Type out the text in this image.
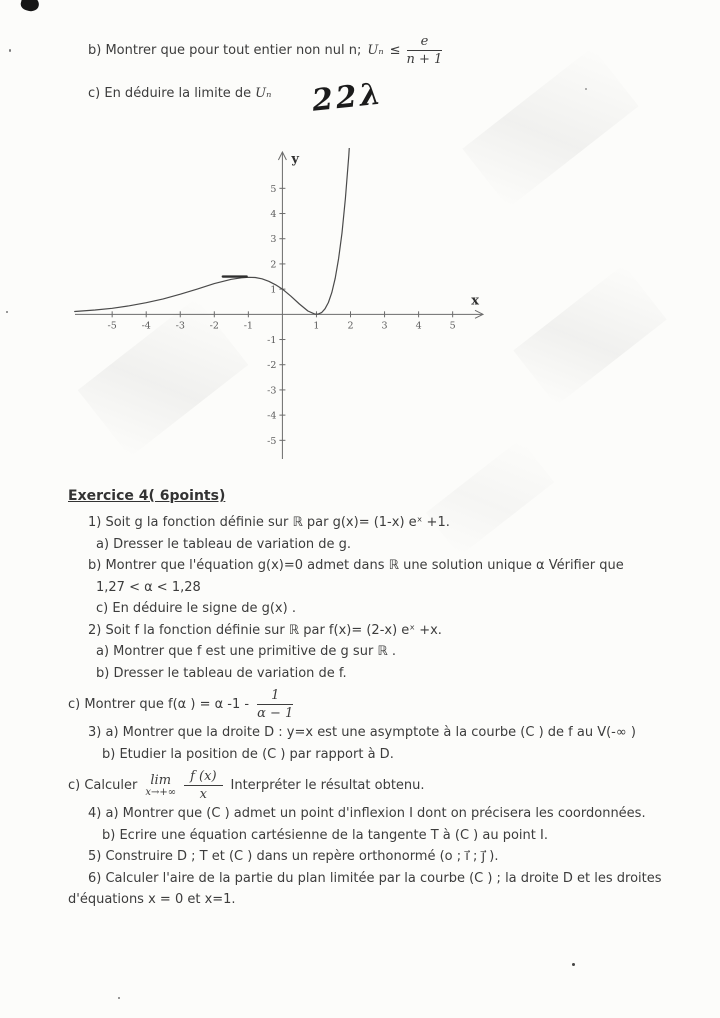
b) Montrer que pour tout entier non nul n; $U_n \le \frac{e}{n + 1}$
c) En déduire la limite de Uₙ 22λ
-5	-4	-3	-2	-1	1	2	3	4	5
-5
-4
-3
-2
-1
1
2
3
4
5
x
y
Exercice 4( 6points)
1) Soit g la fonction définie sur ℝ par g(x)= (1-x) eˣ +1.
a) Dresser le tableau de variation de g.
b) Montrer que l'équation g(x)=0 admet dans ℝ une solution unique α Vérifier que
1,27 < α < 1,28
c) En déduire le signe de g(x) .
2) Soit f la fonction définie sur ℝ par f(x)= (2-x) eˣ +x.
a) Montrer que f est une primitive de g sur ℝ .
b) Dresser le tableau de variation de f.
c) Montrer que f(α ) = α $-1 - \frac{1}{\alpha - 1}$
3) a) Montrer que la droite D : y=x est une asymptote à la courbe (C ) de f au V(-∞ )
b) Etudier la position de (C ) par rapport à D.
c) Calculer	lim
$x\to+\infty \frac{f (x)}{x}$ Interpréter le résultat obtenu.
4) a) Montrer que (C ) admet un point d'inflexion I dont on précisera les coordonnées.
b) Ecrire une équation cartésienne de la tangente T à (C ) au point I.
5) Construire D ; T et (C ) dans un repère orthonormé (o ; i⃗ ; j⃗ ).
6) Calculer l'aire de la partie du plan limitée par la courbe (C ) ; la droite D et les droites
d'équations x = 0 et x=1.
